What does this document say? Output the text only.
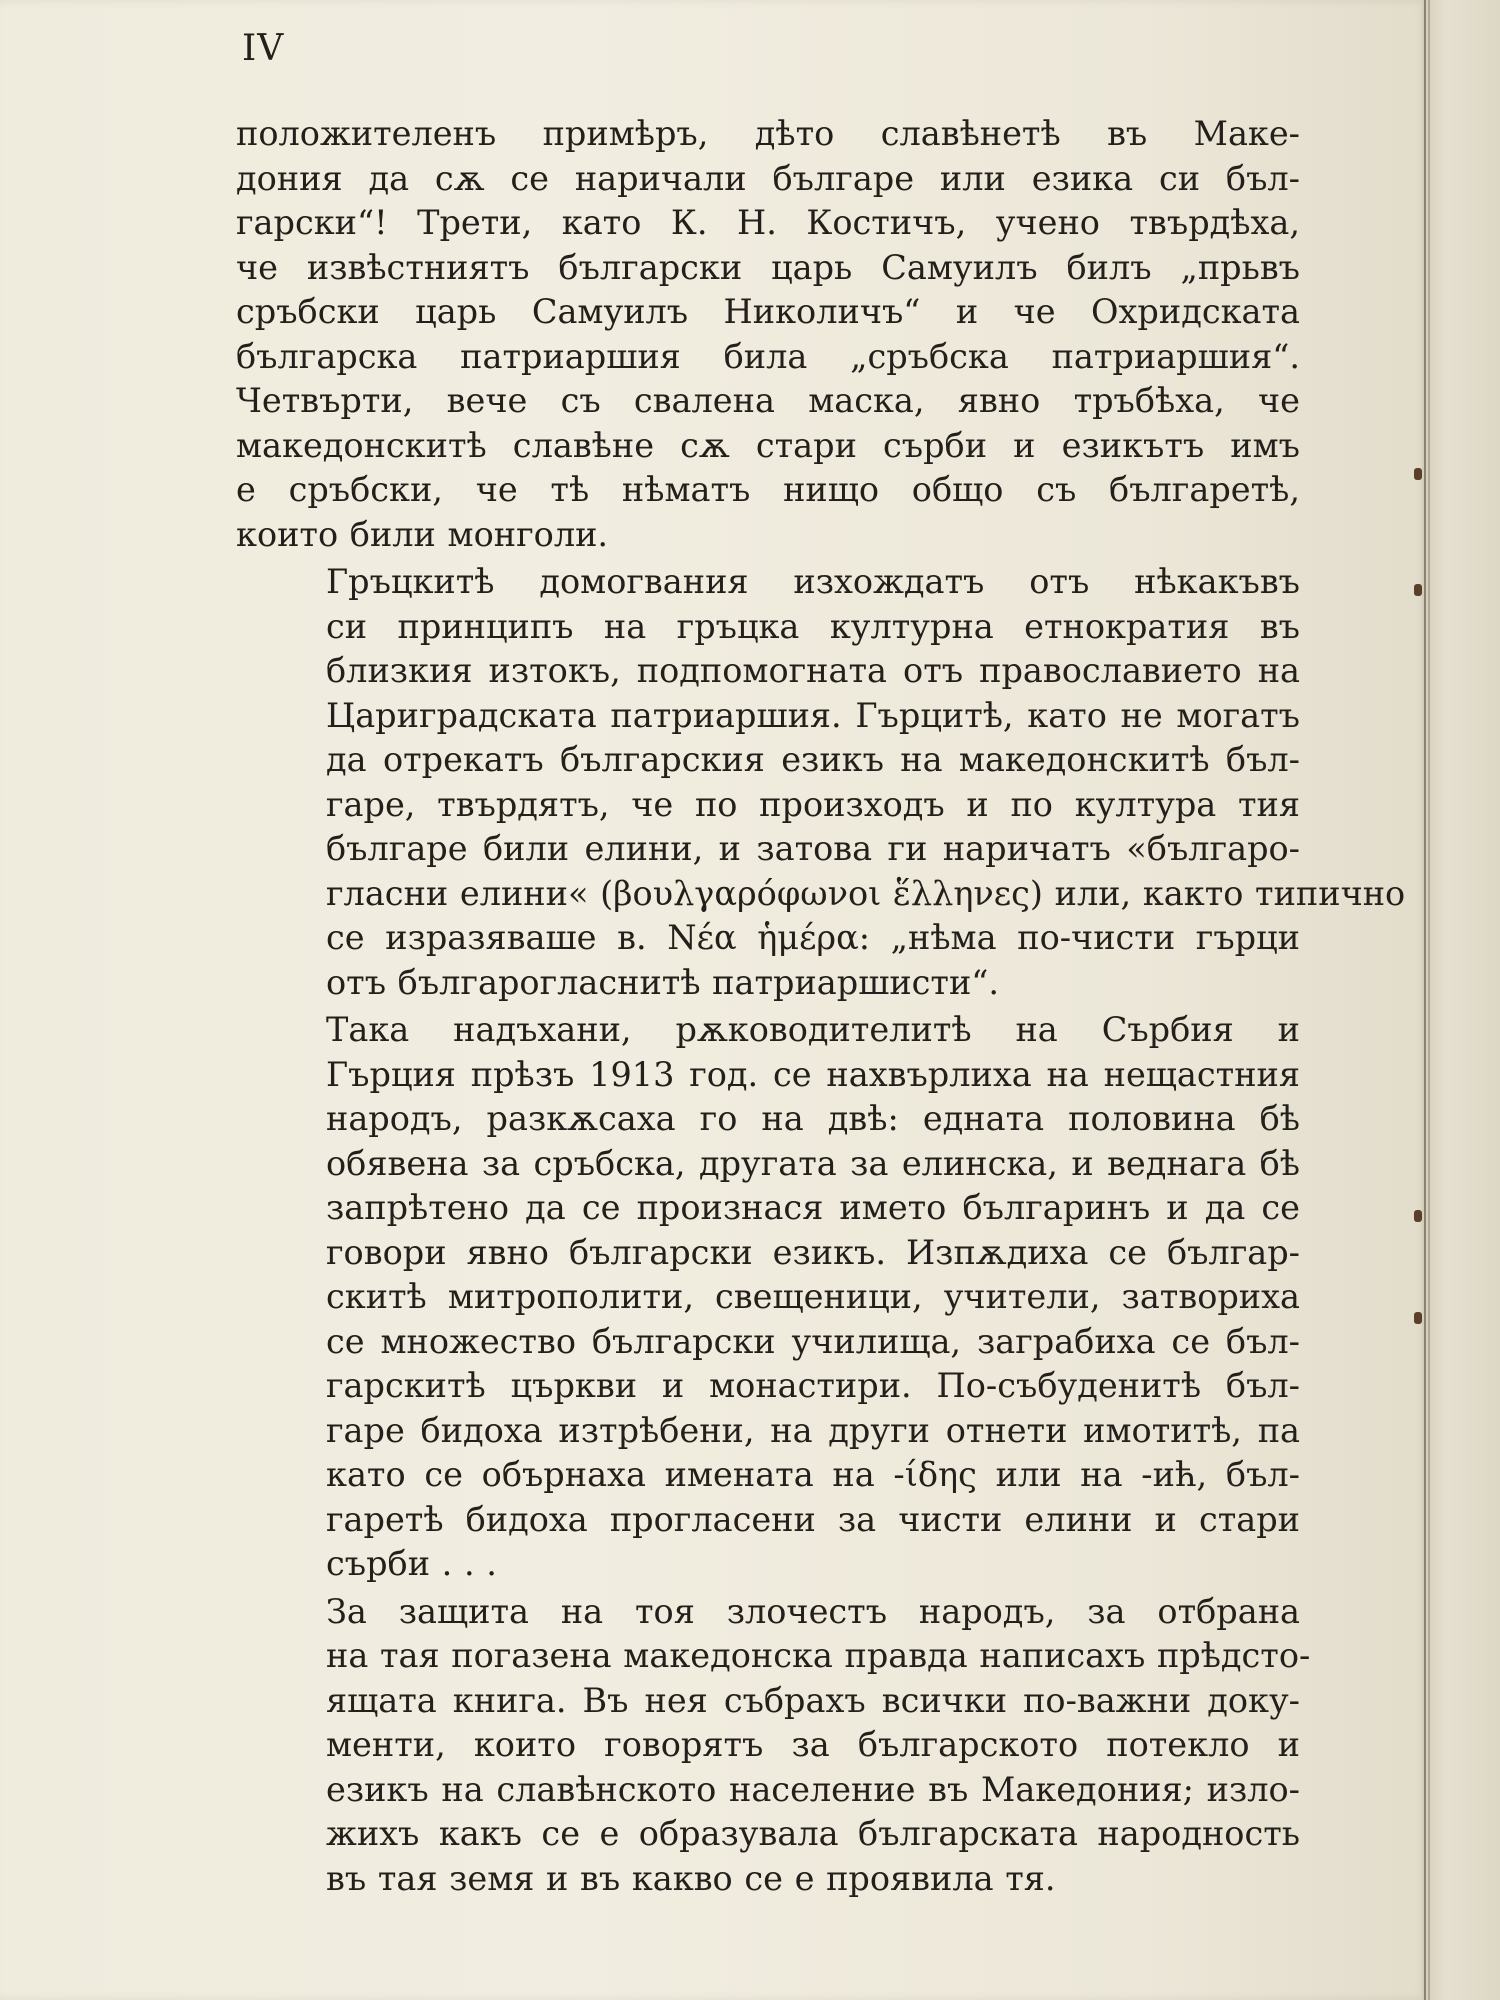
IV

положителенъ примѣръ, дѣто славѣнетѣ въ Маке-
дония да сѫ се наричали българе или езика си бъл-
гарски“! Трети, като К. Н. Костичъ, учено твърдѣха,
че извѣстниятъ български царь Самуилъ билъ „прьвъ
сръбски царь Самуилъ Николичъ“ и че Охридската
българска патриаршия била „сръбска патриаршия“.
Четвърти, вече съ свалена маска, явно тръбѣха, че
македонскитѣ славѣне сѫ стари сърби и езикътъ имъ
е сръбски, че тѣ нѣматъ нищо общо съ българетѣ,
които били монголи.

Гръцкитѣ домогвания изхождатъ отъ нѣкакъвъ
си принципъ на гръцка културна етнократия въ
близкия изтокъ, подпомогната отъ православието на
Цариградската патриаршия. Гърцитѣ, като не могатъ
да отрекатъ българския езикъ на македонскитѣ бъл-
гаре, твърдятъ, че по произходъ и по култура тия
българе били елини, и затова ги наричатъ «българо-
гласни елини« (βουλγαρόφωνοι ἕλληνες) или, както типично
се изразяваше в. Νέα ἡμέρα: „нѣма по-чисти гърци
отъ българогласнитѣ патриаршисти“.

Така надъхани, рѫководителитѣ на Сърбия и
Гърция прѣзъ 1913 год. се нахвърлиха на нещастния
народъ, разкѫсаха го на двѣ: едната половина бѣ
обявена за сръбска, другата за елинска, и веднага бѣ
запрѣтено да се произнася името българинъ и да се
говори явно български езикъ. Изпѫдиха се българ-
скитѣ митрополити, свещеници, учители, затвориха
се множество български училища, заграбиха се бъл-
гарскитѣ църкви и монастири. По-събуденитѣ бъл-
гаре бидоха изтрѣбени, на други отнети имотитѣ, па
като се обърнаха имената на -ίδης или на -ић, бъл-
гаретѣ бидоха прогласени за чисти елини и стари
сърби . . .

За защита на тоя злочестъ народъ, за отбрана
на тая погазена македонска правда написахъ прѣдсто-
ящата книга. Въ нея събрахъ всички по-важни доку-
менти, които говорятъ за българското потекло и
езикъ на славѣнското население въ Македония; изло-
жихъ какъ се е образувала българската народность
въ тая земя и въ какво се е проявила тя.
